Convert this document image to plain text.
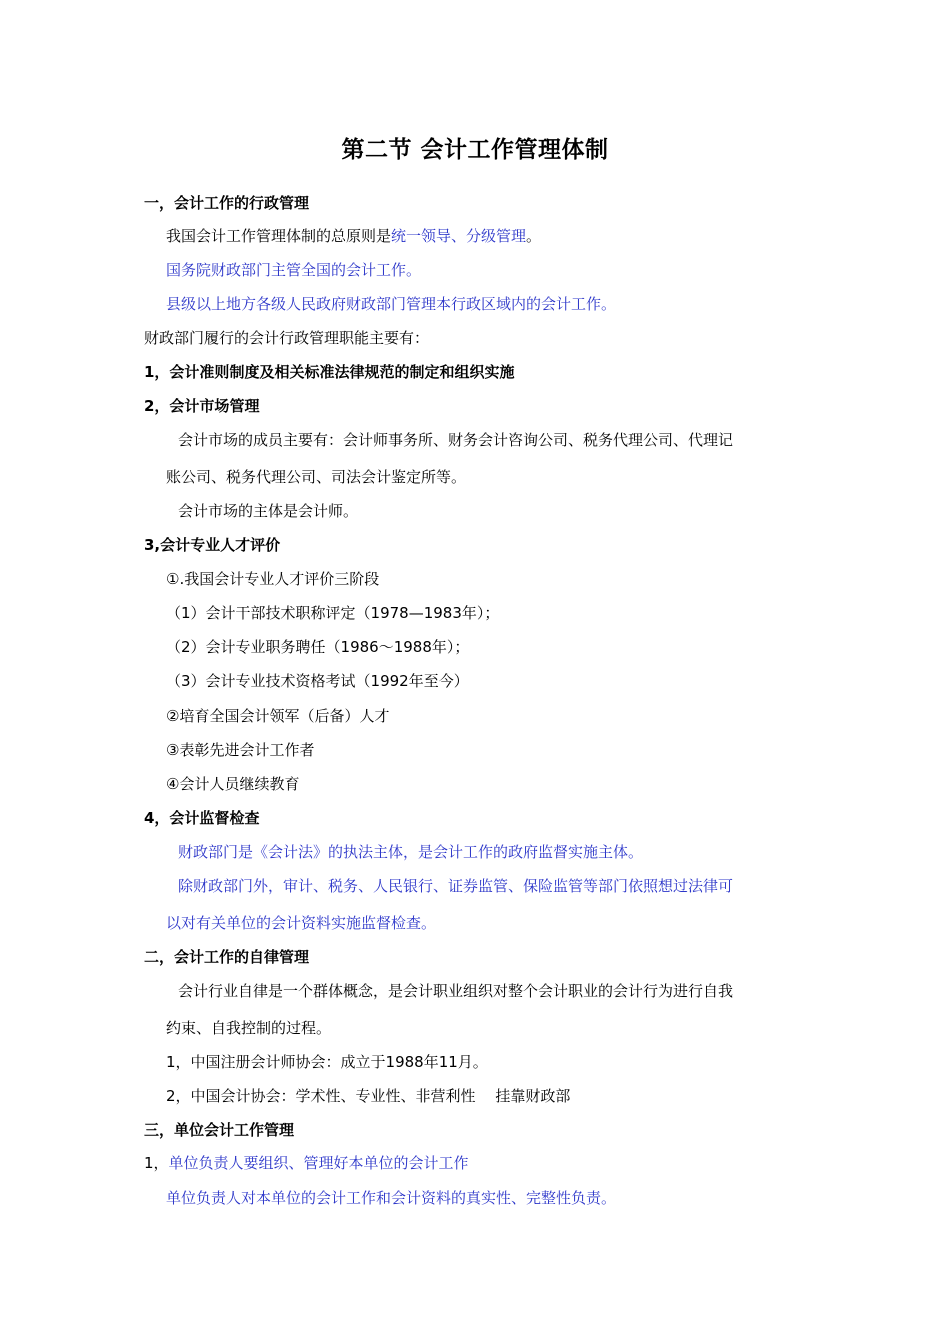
第二节 会计工作管理体制
一，会计工作的行政管理
我国会计工作管理体制的总原则是统一领导、分级管理。
国务院财政部门主管全国的会计工作。
县级以上地方各级人民政府财政部门管理本行政区域内的会计工作。
财政部门履行的会计行政管理职能主要有：
1，会计准则制度及相关标准法律规范的制定和组织实施
2，会计市场管理
会计市场的成员主要有：会计师事务所、财务会计咨询公司、税务代理公司、代理记
账公司、税务代理公司、司法会计鉴定所等。
会计市场的主体是会计师。
3,会计专业人才评价
①.我国会计专业人才评价三阶段
（1）会计干部技术职称评定（1978—1983年）；
（2）会计专业职务聘任（1986～1988年）；
（3）会计专业技术资格考试（1992年至今）
②培育全国会计领军（后备）人才
③表彰先进会计工作者
④会计人员继续教育
4，会计监督检查
财政部门是《会计法》的执法主体，是会计工作的政府监督实施主体。
除财政部门外，审计、税务、人民银行、证券监管、保险监管等部门依照想过法律可
以对有关单位的会计资料实施监督检查。
二，会计工作的自律管理
会计行业自律是一个群体概念，是会计职业组织对整个会计职业的会计行为进行自我
约束、自我控制的过程。
1，中国注册会计师协会：成立于1988年11月。
2，中国会计协会：学术性、专业性、非营利性　 挂靠财政部
三，单位会计工作管理
1，单位负责人要组织、管理好本单位的会计工作
单位负责人对本单位的会计工作和会计资料的真实性、完整性负责。
